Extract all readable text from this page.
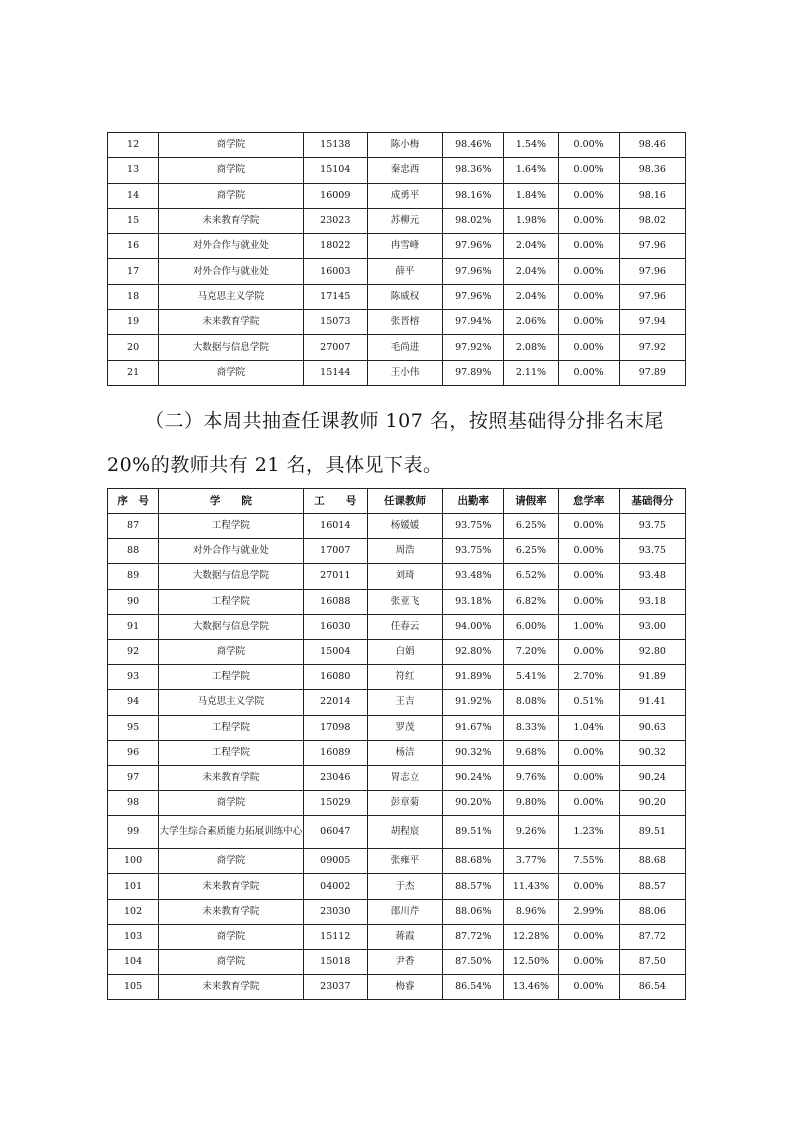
12	商学院	15138	陈小梅	98.46%	1.54%	0.00%	98.46
13	商学院	15104	秦忠西	98.36%	1.64%	0.00%	98.36
14	商学院	16009	成勇平	98.16%	1.84%	0.00%	98.16
15	未来教育学院	23023	苏柳元	98.02%	1.98%	0.00%	98.02
16	对外合作与就业处	18022	冉雪峰	97.96%	2.04%	0.00%	97.96
17	对外合作与就业处	16003	薛平	97.96%	2.04%	0.00%	97.96
18	马克思主义学院	17145	陈威权	97.96%	2.04%	0.00%	97.96
19	未来教育学院	15073	张晋榕	97.94%	2.06%	0.00%	97.94
20	大数据与信息学院	27007	毛尚进	97.92%	2.08%	0.00%	97.92
21	商学院	15144	王小伟	97.89%	2.11%	0.00%	97.89

（二）本周共抽查任课教师 107 名，按照基础得分排名末尾

20%的教师共有 21 名，具体见下表。

序　号	学　　院	工　　号	任课教师	出勤率	请假率	怠学率	基础得分
87	工程学院	16014	杨媛媛	93.75%	6.25%	0.00%	93.75
88	对外合作与就业处	17007	周浩	93.75%	6.25%	0.00%	93.75
89	大数据与信息学院	27011	刘琦	93.48%	6.52%	0.00%	93.48
90	工程学院	16088	张亚飞	93.18%	6.82%	0.00%	93.18
91	大数据与信息学院	16030	任春云	94.00%	6.00%	1.00%	93.00
92	商学院	15004	白娟	92.80%	7.20%	0.00%	92.80
93	工程学院	16080	符红	91.89%	5.41%	2.70%	91.89
94	马克思主义学院	22014	王吉	91.92%	8.08%	0.51%	91.41
95	工程学院	17098	罗茂	91.67%	8.33%	1.04%	90.63
96	工程学院	16089	杨洁	90.32%	9.68%	0.00%	90.32
97	未来教育学院	23046	胃志立	90.24%	9.76%	0.00%	90.24
98	商学院	15029	彭章菊	90.20%	9.80%	0.00%	90.20
99	大学生综合素质能力拓展训练中心	06047	胡程宸	89.51%	9.26%	1.23%	89.51
100	商学院	09005	张雍平	88.68%	3.77%	7.55%	88.68
101	未来教育学院	04002	于杰	88.57%	11.43%	0.00%	88.57
102	未来教育学院	23030	邵川芹	88.06%	8.96%	2.99%	88.06
103	商学院	15112	蒋霞	87.72%	12.28%	0.00%	87.72
104	商学院	15018	尹香	87.50%	12.50%	0.00%	87.50
105	未来教育学院	23037	梅睿	86.54%	13.46%	0.00%	86.54
